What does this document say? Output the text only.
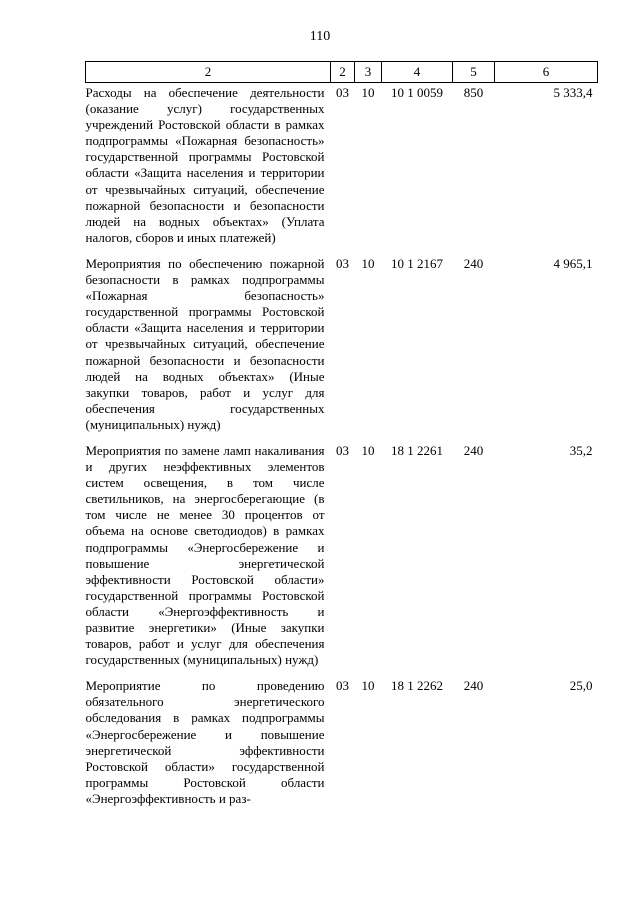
110
2	2	3	4	5	6
Расходы на обеспечение деятельности (оказание услуг) государственных учреждений Ростовской области в рамках подпрограммы «Пожарная безопасность» государственной программы Ростовской области «Защита населения и территории от чрезвычайных ситуаций, обеспечение пожарной безопасности и безопасности людей на водных объектах» (Уплата налогов, сборов и иных платежей)	03	10	10 1 0059	850	5 333,4
Мероприятия по обеспечению пожарной безопасности в рамках подпрограммы «Пожарная безопасность» государственной программы Ростовской области «Защита населения и территории от чрезвычайных ситуаций, обеспечение пожарной безопасности и безопасности людей на водных объектах» (Иные закупки товаров, работ и услуг для обеспечения государственных (муниципальных) нужд)	03	10	10 1 2167	240	4 965,1
Мероприятия по замене ламп накаливания и других неэффективных элементов систем освещения, в том числе светильников, на энергосберегающие (в том числе не менее 30 процентов от объема на основе светодиодов) в рамках подпрограммы «Энергосбережение и повышение энергетической эффективности Ростовской области» государственной программы Ростовской области «Энергоэффективность и развитие энергетики» (Иные закупки товаров, работ и услуг для обеспечения государственных (муниципальных) нужд)	03	10	18 1 2261	240	35,2
Мероприятие по проведению обязательного энергетического обследования в рамках подпрограммы «Энергосбережение и повышение энергетической эффективности Ростовской области» государственной программы Ростовской области «Энергоэффективность и раз-	03	10	18 1 2262	240	25,0
